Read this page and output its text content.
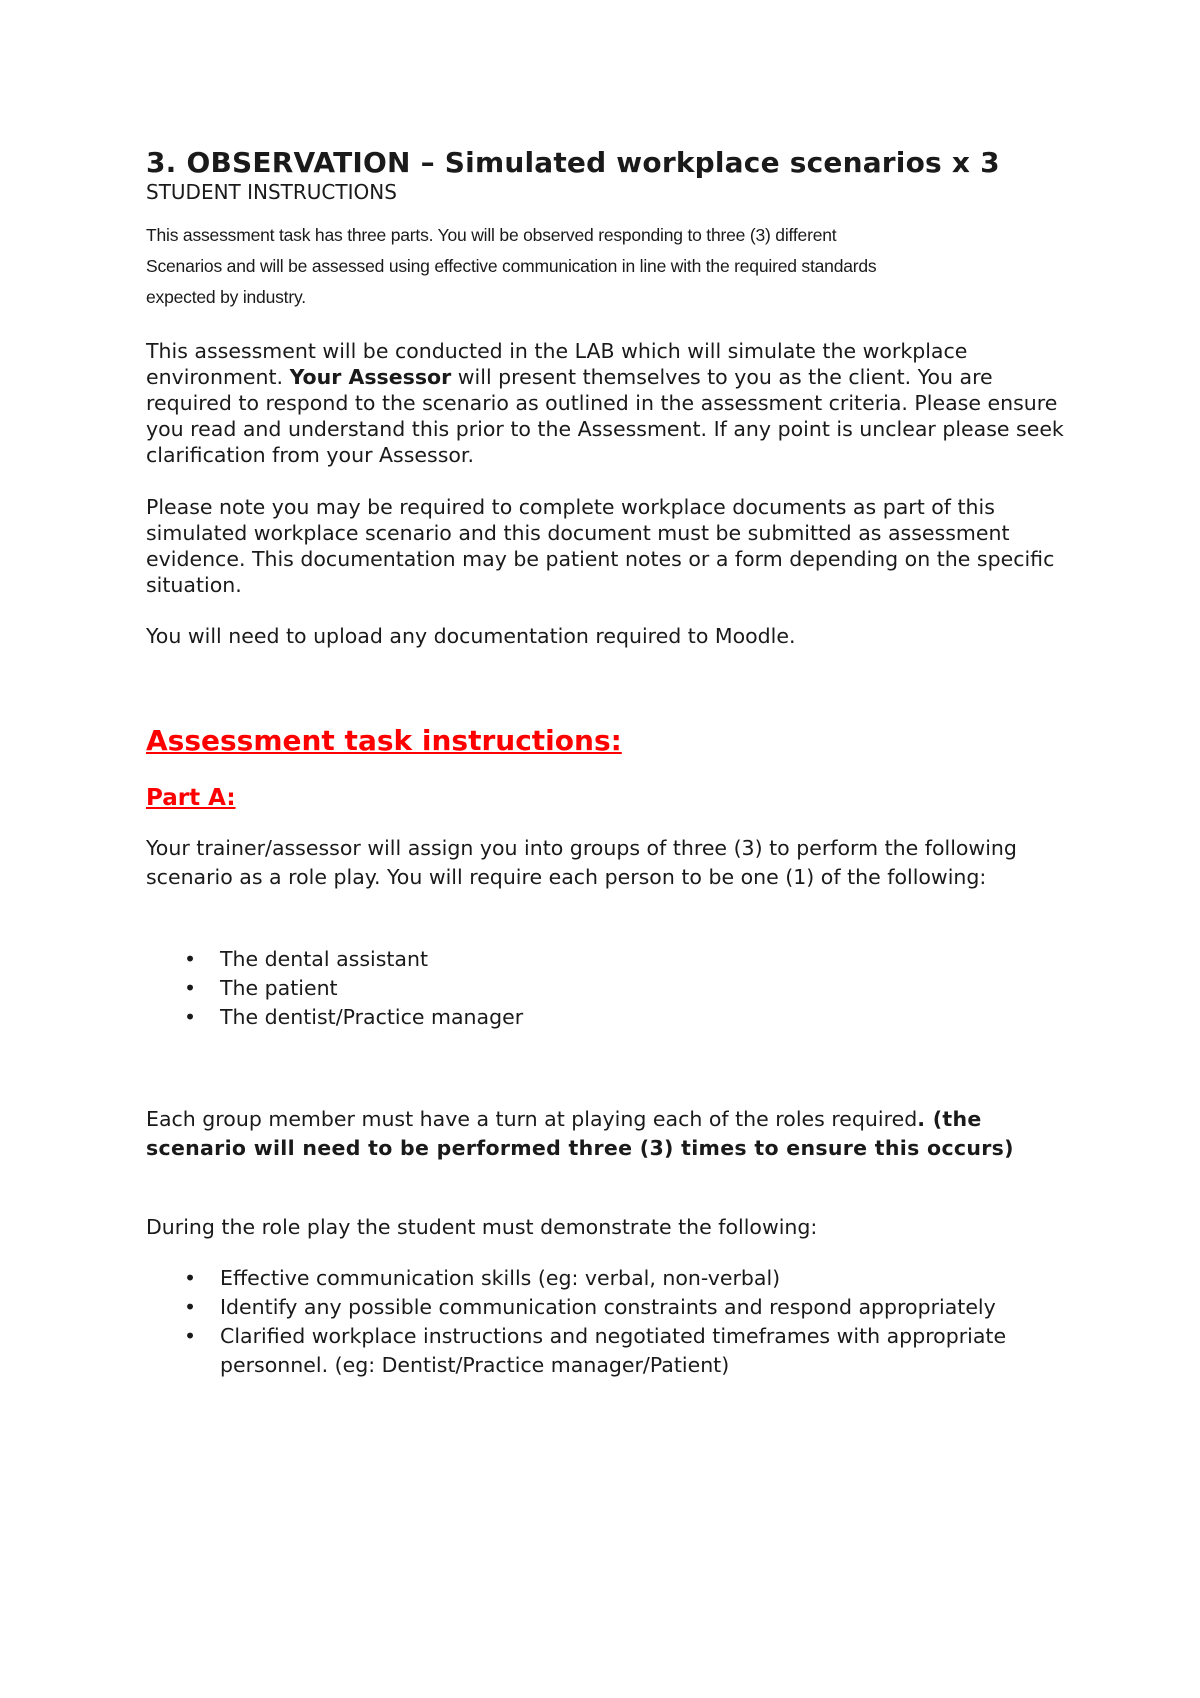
3. OBSERVATION – Simulated workplace scenarios x 3
STUDENT INSTRUCTIONS
This assessment task has three parts. You will be observed responding to three (3) different
Scenarios and will be assessed using effective communication in line with the required standards
expected by industry.
This assessment will be conducted in the LAB which will simulate the workplace environment. Your Assessor will present themselves to you as the client. You are required to respond to the scenario as outlined in the assessment criteria. Please ensure you read and understand this prior to the Assessment. If any point is unclear please seek clarification from your Assessor.
Please note you may be required to complete workplace documents as part of this simulated workplace scenario and this document must be submitted as assessment evidence. This documentation may be patient notes or a form depending on the specific situation.
You will need to upload any documentation required to Moodle.
Assessment task instructions:
Part A:
Your trainer/assessor will assign you into groups of three (3) to perform the following scenario as a role play. You will require each person to be one (1) of the following:
• The dental assistant
• The patient
• The dentist/Practice manager
Each group member must have a turn at playing each of the roles required. (the scenario will need to be performed three (3) times to ensure this occurs)
During the role play the student must demonstrate the following:
• Effective communication skills (eg: verbal, non-verbal)
• Identify any possible communication constraints and respond appropriately
• Clarified workplace instructions and negotiated timeframes with appropriate personnel. (eg: Dentist/Practice manager/Patient)
